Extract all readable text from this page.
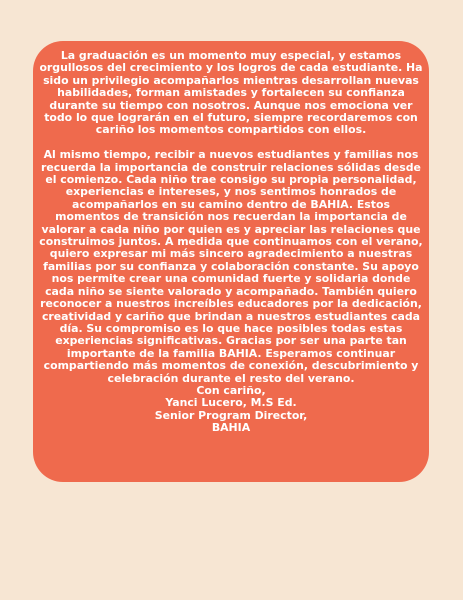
La graduación es un momento muy especial, y estamos orgullosos del crecimiento y los logros de cada estudiante. Ha sido un privilegio acompañarlos mientras desarrollan nuevas habilidades, forman amistades y fortalecen su confianza durante su tiempo con nosotros. Aunque nos emociona ver todo lo que lograrán en el futuro, siempre recordaremos con cariño los momentos compartidos con ellos.

Al mismo tiempo, recibir a nuevos estudiantes y familias nos recuerda la importancia de construir relaciones sólidas desde el comienzo. Cada niño trae consigo su propia personalidad, experiencias e intereses, y nos sentimos honrados de acompañarlos en su camino dentro de BAHIA. Estos momentos de transición nos recuerdan la importancia de valorar a cada niño por quien es y apreciar las relaciones que construimos juntos. A medida que continuamos con el verano, quiero expresar mi más sincero agradecimiento a nuestras familias por su confianza y colaboración constante. Su apoyo nos permite crear una comunidad fuerte y solidaria donde cada niño se siente valorado y acompañado. También quiero reconocer a nuestros increíbles educadores por la dedicación, creatividad y cariño que brindan a nuestros estudiantes cada día. Su compromiso es lo que hace posibles todas estas experiencias significativas. Gracias por ser una parte tan importante de la familia BAHIA. Esperamos continuar compartiendo más momentos de conexión, descubrimiento y celebración durante el resto del verano.

Con cariño,
Yanci Lucero, M.S Ed.
Senior Program Director,
BAHIA
